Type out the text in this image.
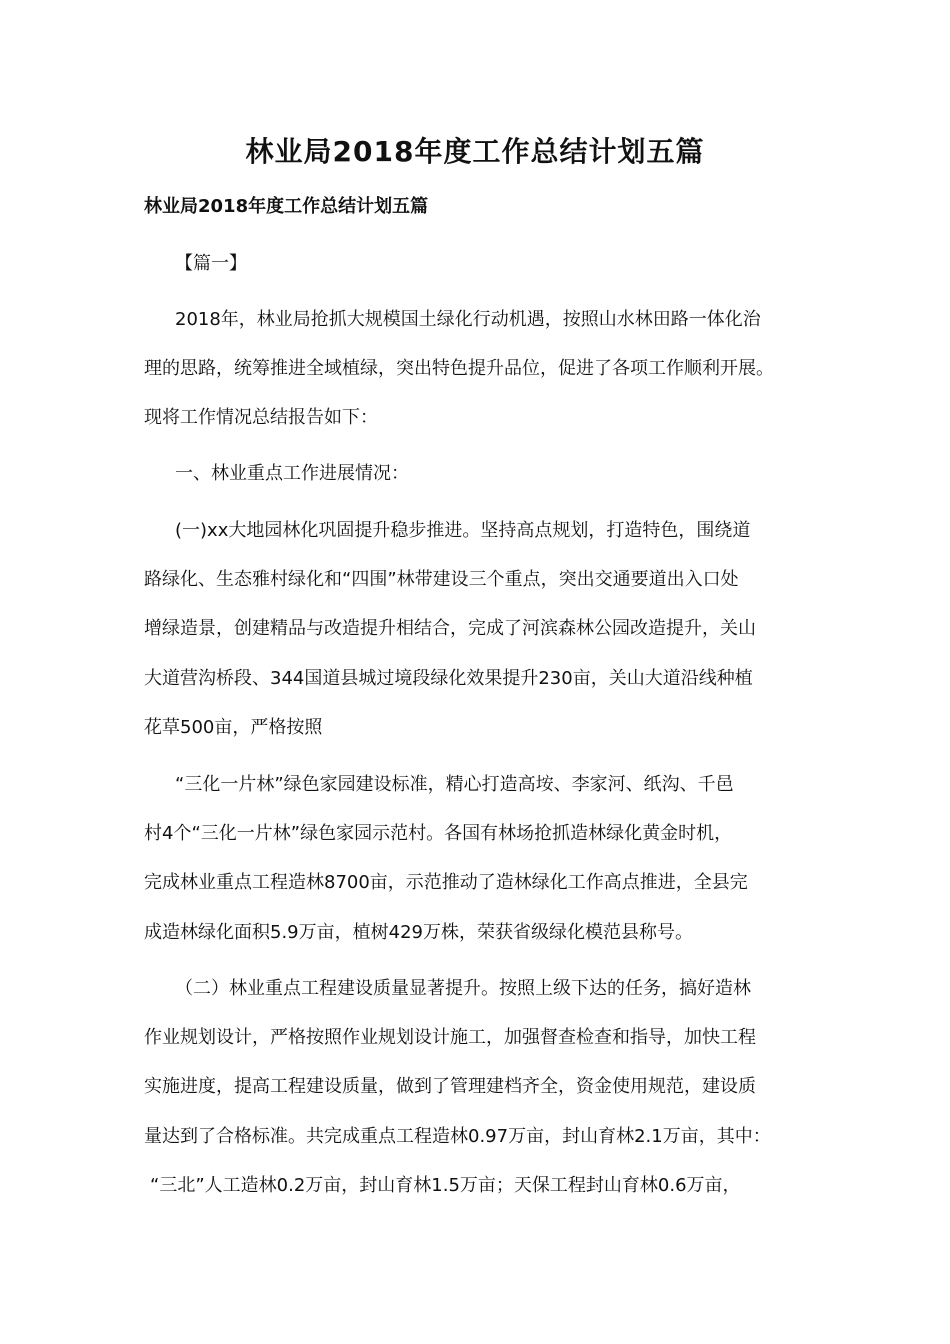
林业局2018年度工作总结计划五篇
林业局2018年度工作总结计划五篇
【篇一】
2018年，林业局抢抓大规模国土绿化行动机遇，按照山水林田路一体化治
理的思路，统筹推进全域植绿，突出特色提升品位，促进了各项工作顺利开展。
现将工作情况总结报告如下：
一、林业重点工作进展情况：
(一)xx大地园林化巩固提升稳步推进。坚持高点规划，打造特色，围绕道
路绿化、生态雅村绿化和“四围”林带建设三个重点，突出交通要道出入口处
增绿造景，创建精品与改造提升相结合，完成了河滨森林公园改造提升，关山
大道营沟桥段、344国道县城过境段绿化效果提升230亩，关山大道沿线种植
花草500亩，严格按照
“三化一片林”绿色家园建设标准，精心打造高垵、李家河、纸沟、千邑
村4个“三化一片林”绿色家园示范村。各国有林场抢抓造林绿化黄金时机，
完成林业重点工程造林8700亩，示范推动了造林绿化工作高点推进，全县完
成造林绿化面积5.9万亩，植树429万株，荣获省级绿化模范县称号。
（二）林业重点工程建设质量显著提升。按照上级下达的任务，搞好造林
作业规划设计，严格按照作业规划设计施工，加强督查检查和指导，加快工程
实施进度，提高工程建设质量，做到了管理建档齐全，资金使用规范，建设质
量达到了合格标准。共完成重点工程造林0.97万亩，封山育林2.1万亩，其中：
“三北”人工造林0.2万亩，封山育林1.5万亩；天保工程封山育林0.6万亩，
